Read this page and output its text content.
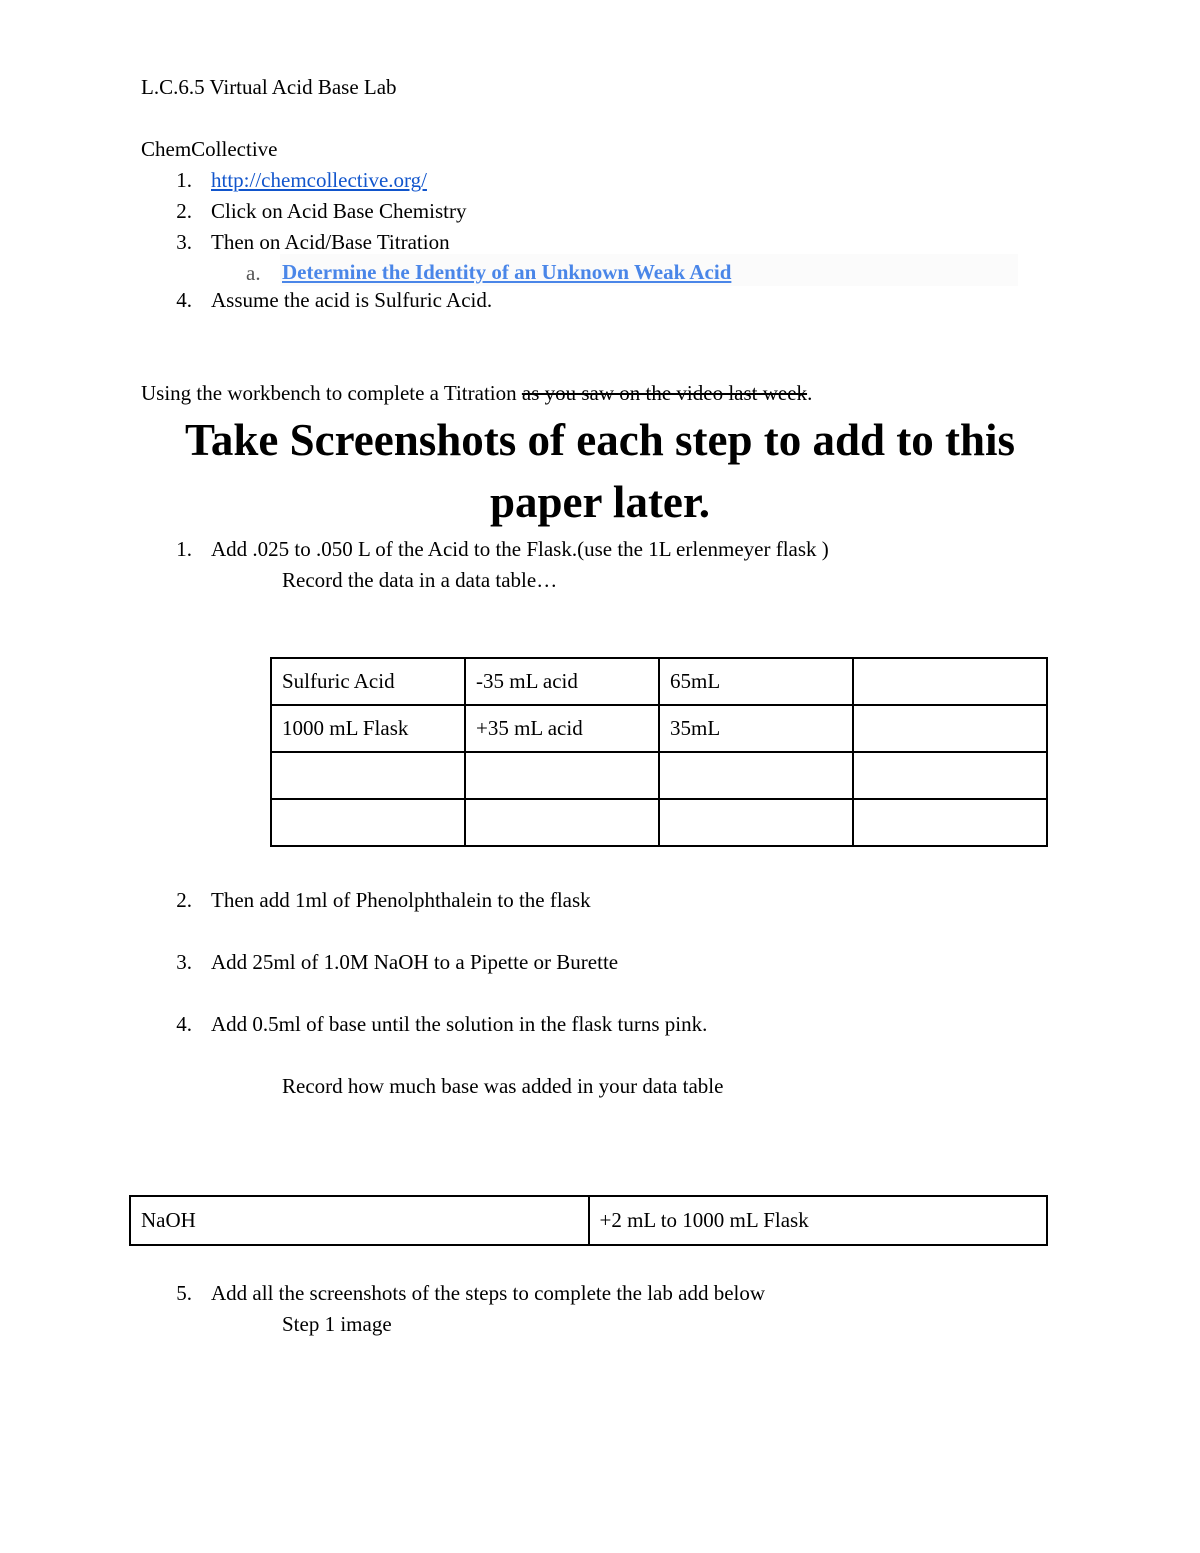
L.C.6.5 Virtual Acid Base Lab
ChemCollective
1. http://chemcollective.org/
2. Click on Acid Base Chemistry
3. Then on Acid/Base Titration
a. Determine the Identity of an Unknown Weak Acid
4. Assume the acid is Sulfuric Acid.
Using the workbench to complete a Titration as you saw on the video last week.
Take Screenshots of each step to add to this
paper later.
1. Add .025 to .050 L of the Acid to the Flask.(use the 1L erlenmeyer flask )
Record the data in a data table…
Sulfuric Acid	-35 mL acid	65mL	
1000 mL Flask	+35 mL acid	35mL	

2. Then add 1ml of Phenolphthalein to the flask
3. Add 25ml of 1.0M NaOH to a Pipette or Burette
4. Add 0.5ml of base until the solution in the flask turns pink.
Record how much base was added in your data table
NaOH	+2 mL to 1000 mL Flask
5. Add all the screenshots of the steps to complete the lab add below
Step 1 image
